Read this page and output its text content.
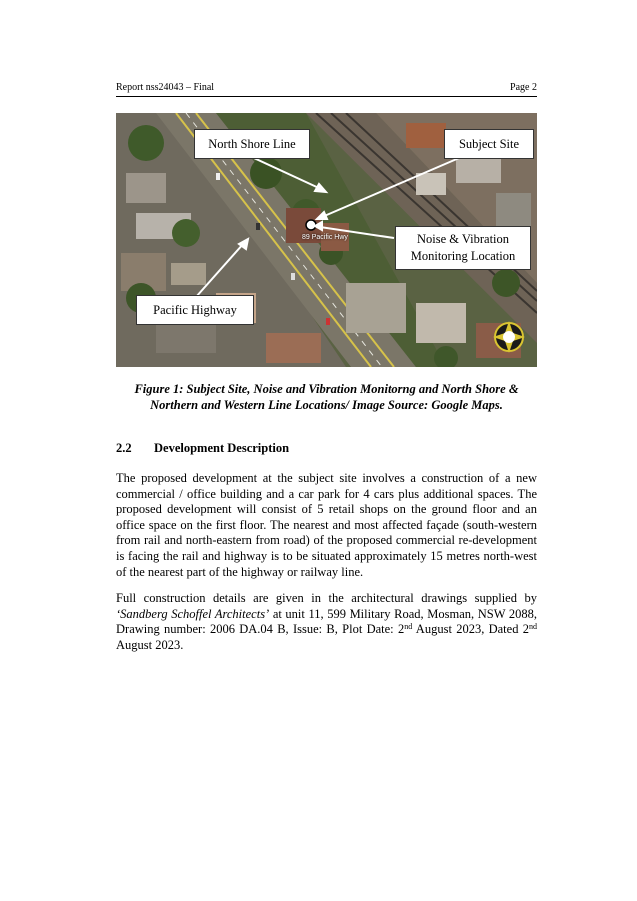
Report nss24043 – Final	Page 2
89 Pacific Hwy
North Shore Line	Subject Site
Noise & Vibration
Monitoring Location
Pacific Highway
Figure 1: Subject Site, Noise and Vibration Monitorng and North Shore &
Northern and Western Line Locations/ Image Source: Google Maps.
2.2 Development Description

The proposed development at the subject site involves a construction of a new commercial / office building and a car park for 4 cars plus additional spaces. The proposed development will consist of 5 retail shops on the ground floor and an office space on the first floor. The nearest and most affected façade (south-western from rail and north-eastern from road) of the proposed commercial re-development is facing the rail and highway is to be situated approximately 15 metres north-west of the nearest part of the highway or railway line.

Full construction details are given in the architectural drawings supplied by ‘Sandberg Schoffel Architects’ at unit 11, 599 Military Road, Mosman, NSW 2088, Drawing number: 2006 DA.04 B, Issue: B, Plot Date: 2nd August 2023, Dated 2nd August 2023.
